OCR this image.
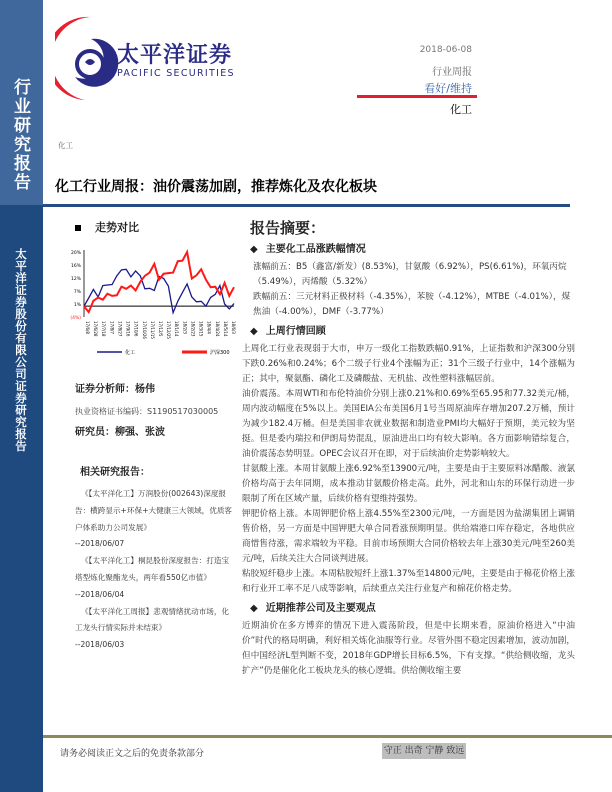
行业研究报告
太平洋证券股份有限公司证券研究报告
太平洋证券
PACIFIC SECURITIES
2018-06-08
行业周报
看好/维持
化工
化工
化工行业周报：油价震荡加剧，推荐炼化及农化板块
走势对比
20%
16%
12%
7%
1%
(4%)
17/6/8 17/6/28 17/7/18 17/8/7 17/8/27 17/9/16 17/10/6 17/10/26 17/11/15 17/12/5 17/12/25 18/1/14 18/2/3 18/2/23 18/3/15 18/4/4 18/4/24 18/5/14 18/6/3
化工	沪深300
证券分析师：杨伟
执业资格证书编码：S1190517030005
研究员：柳强、张波
相关研究报告：
《【太平洋化工】万润股份(002643)深度报告：横跨显示+环保+大健康三大领域，优质客户体系助力公司发展》
--2018/06/07
《【太平洋化工】桐昆股份深度报告：打造宝塔型炼化聚酯龙头，两年看550亿市值》
--2018/06/04
《【太平洋化工周报】悲观情绪扰动市场，化工龙头行情实际并未结束》
--2018/06/03
报告摘要：
◆ 主要化工品涨跌幅情况
涨幅前五：B5（鑫富/新发）(8.53%)，甘氨酸（6.92%），PS(6.61%)，环氧丙烷（5.49%），丙烯酸（5.32%）
跌幅前五：三元材料正极材料（-4.35%），苯胺（-4.12%），MTBE（-4.01%），煤焦油（-4.00%），DMF（-3.77%）
◆ 上周行情回顾

上周化工行业表现弱于大市，申万一级化工指数跌幅0.91%，上证指数和沪深300分别下跌0.26%和0.24%；6个二级子行业4个涨幅为正；31个三级子行业中，14个涨幅为正；其中，聚氨酯、磷化工及磷酸盐、无机盐、改性塑料涨幅居前。

油价震荡。本周WTI和布伦特油价分别上涨0.21%和0.69%至65.95和77.32美元/桶，周内波动幅度在5%以上。美国EIA公布美国6月1号当周原油库存增加207.2万桶，预计为减少182.4万桶。但是美国非农就业数据和制造业PMI均大幅好于预期，美元较为坚挺。但是委内瑞拉和伊朗局势混乱，原油进出口均有较大影响。各方面影响错综复合，油价震荡态势明显。OPEC会议召开在即，对于后续油价走势影响较大。

甘氨酸上涨。本周甘氨酸上涨6.92%至13900元/吨，主要是由于主要原料冰醋酸、液氯价格均高于去年同期，成本推动甘氨酸价格走高。此外，河北和山东的环保行动进一步限制了所在区域产量，后续价格有望维持强势。

钾肥价格上涨。本周钾肥价格上涨4.55%至2300元/吨，一方面是因为盐湖集团上调销售价格，另一方面是中国钾肥大单合同看涨预期明显。供给端港口库存稳定，各地供应商惜售待涨，需求端较为平稳。目前市场预期大合同价格较去年上涨30美元/吨至260美元/吨，后续关注大合同谈判进展。

粘胶短纤稳步上涨。本周粘胶短纤上涨1.37%至14800元/吨，主要是由于棉花价格上涨和行业开工率不足八成等影响，后续重点关注行业复产和棉花价格走势。

◆ 近期推荐公司及主要观点

近期油价在多方博弈的情况下进入震荡阶段，但是中长期来看，原油价格进入“中油价”时代的格局明确，利好相关炼化油服等行业。尽管外围不稳定因素增加，波动加剧，但中国经济L型判断不变，2018年GDP增长目标6.5%，下有支撑。“供给侧收缩，龙头扩产”仍是催化化工板块龙头的核心逻辑。供给侧收缩主要

请务必阅读正文之后的免责条款部分	守正 出奇 宁静 致远
